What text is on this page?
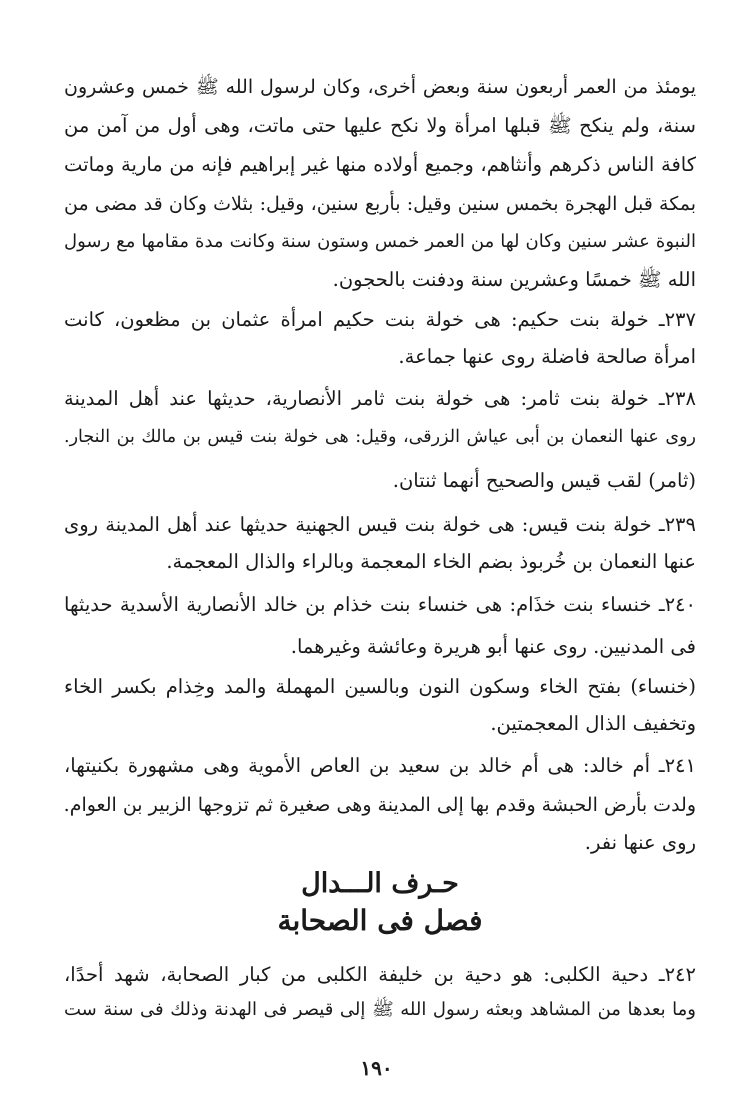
يومئذ من العمر أربعون سنة وبعض أخرى، وكان لرسول الله ﷺ خمس وعشرون
سنة، ولم ينكح ﷺ قبلها امرأة ولا نكح عليها حتى ماتت، وهى أول من آمن من
كافة الناس ذكرهم وأنثاهم، وجميع أولاده منها غير إبراهيم فإنه من مارية وماتت
بمكة قبل الهجرة بخمس سنين وقيل: بأربع سنين، وقيل: بثلاث وكان قد مضى من
النبوة عشر سنين وكان لها من العمر خمس وستون سنة وكانت مدة مقامها مع رسول
الله ﷺ خمسًا وعشرين سنة ودفنت بالحجون.
٢٣٧ـ خولة بنت حكيم: هى خولة بنت حكيم امرأة عثمان بن مظعون، كانت
امرأة صالحة فاضلة روى عنها جماعة.
٢٣٨ـ خولة بنت ثامر: هى خولة بنت ثامر الأنصارية، حديثها عند أهل المدينة
روى عنها النعمان بن أبى عياش الزرقى، وقيل: هى خولة بنت قيس بن مالك بن النجار.
(ثامر) لقب قيس والصحيح أنهما ثنتان.
٢٣٩ـ خولة بنت قيس: هى خولة بنت قيس الجهنية حديثها عند أهل المدينة روى
عنها النعمان بن خُربوذ بضم الخاء المعجمة وبالراء والذال المعجمة.
٢٤٠ـ خنساء بنت خذَام: هى خنساء بنت خذام بن خالد الأنصارية الأسدية حديثها
فى المدنيين. روى عنها أبو هريرة وعائشة وغيرهما.
(خنساء) بفتح الخاء وسكون النون وبالسين المهملة والمد وخِذام بكسر الخاء
وتخفيف الذال المعجمتين.
٢٤١ـ أم خالد: هى أم خالد بن سعيد بن العاص الأموية وهى مشهورة بكنيتها،
ولدت بأرض الحبشة وقدم بها إلى المدينة وهى صغيرة ثم تزوجها الزبير بن العوام.
روى عنها نفر.
حـرف الـــدال
فصل فى الصحابة
٢٤٢ـ دحية الكلبى: هو دحية بن خليفة الكلبى من كبار الصحابة، شهد أحدًا،
وما بعدها من المشاهد وبعثه رسول الله ﷺ إلى قيصر فى الهدنة وذلك فى سنة ست
١٩٠
